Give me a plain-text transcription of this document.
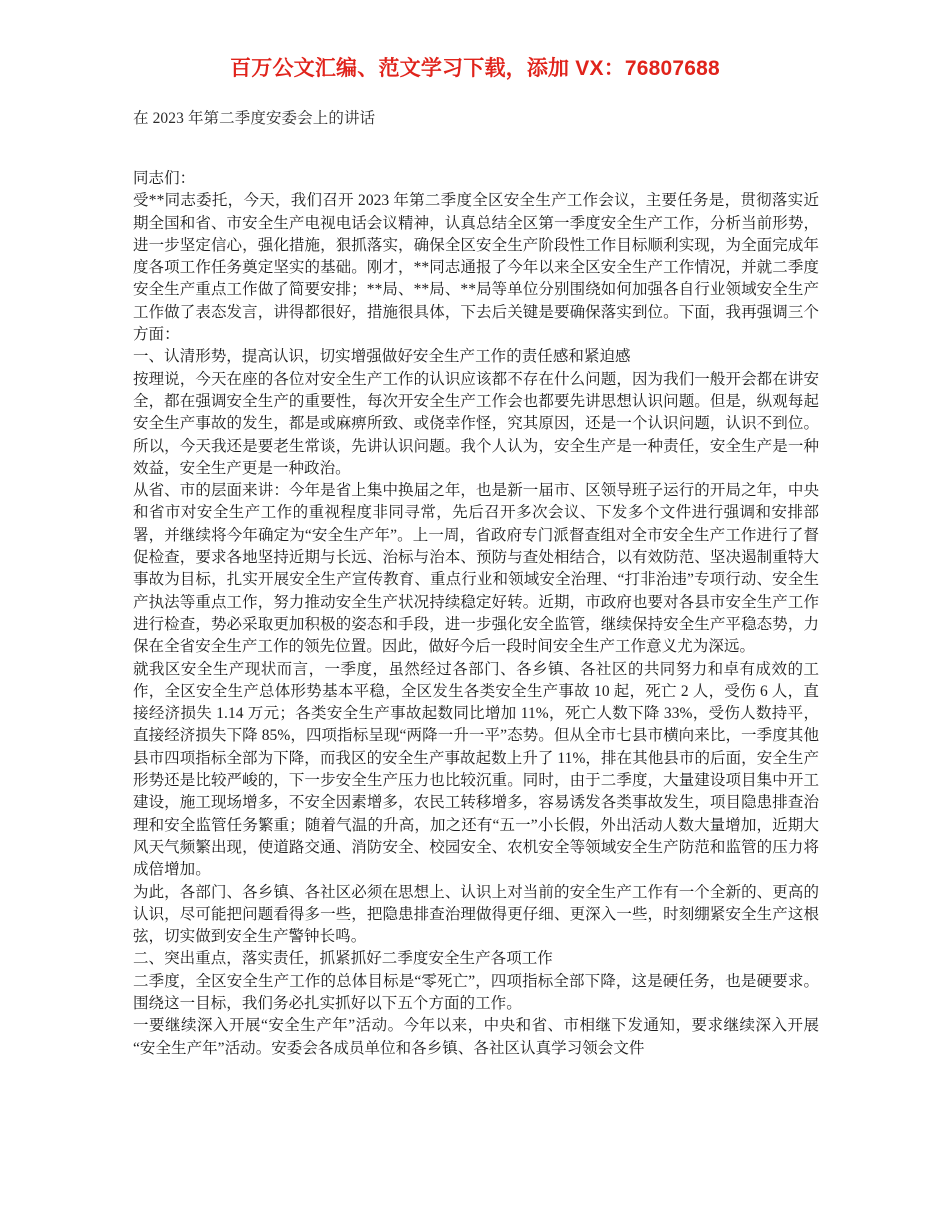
百万公文汇编、范文学习下载，添加 VX：76807688

在 2023 年第二季度安委会上的讲话

同志们：

受**同志委托，今天，我们召开 2023 年第二季度全区安全生产工作会议，主要任务是，贯彻落实近期全国和省、市安全生产电视电话会议精神，认真总结全区第一季度安全生产工作，分析当前形势，进一步坚定信心，强化措施，狠抓落实，确保全区安全生产阶段性工作目标顺利实现，为全面完成年度各项工作任务奠定坚实的基础。刚才，**同志通报了今年以来全区安全生产工作情况，并就二季度安全生产重点工作做了简要安排；**局、**局、**局等单位分别围绕如何加强各自行业领域安全生产工作做了表态发言，讲得都很好，措施很具体，下去后关键是要确保落实到位。下面，我再强调三个方面：

一、认清形势，提高认识，切实增强做好安全生产工作的责任感和紧迫感

按理说，今天在座的各位对安全生产工作的认识应该都不存在什么问题，因为我们一般开会都在讲安全，都在强调安全生产的重要性，每次开安全生产工作会也都要先讲思想认识问题。但是，纵观每起安全生产事故的发生，都是或麻痹所致、或侥幸作怪，究其原因，还是一个认识问题，认识不到位。所以，今天我还是要老生常谈，先讲认识问题。我个人认为，安全生产是一种责任，安全生产是一种效益，安全生产更是一种政治。

从省、市的层面来讲：今年是省上集中换届之年，也是新一届市、区领导班子运行的开局之年，中央和省市对安全生产工作的重视程度非同寻常，先后召开多次会议、下发多个文件进行强调和安排部署，并继续将今年确定为“安全生产年”。上一周，省政府专门派督查组对全市安全生产工作进行了督促检查，要求各地坚持近期与长远、治标与治本、预防与查处相结合，以有效防范、坚决遏制重特大事故为目标，扎实开展安全生产宣传教育、重点行业和领域安全治理、“打非治违”专项行动、安全生产执法等重点工作，努力推动安全生产状况持续稳定好转。近期，市政府也要对各县市安全生产工作进行检查，势必采取更加积极的姿态和手段，进一步强化安全监管，继续保持安全生产平稳态势，力保在全省安全生产工作的领先位置。因此，做好今后一段时间安全生产工作意义尤为深远。

就我区安全生产现状而言，一季度，虽然经过各部门、各乡镇、各社区的共同努力和卓有成效的工作，全区安全生产总体形势基本平稳，全区发生各类安全生产事故 10 起，死亡 2 人，受伤 6 人，直接经济损失 1.14 万元；各类安全生产事故起数同比增加 11%，死亡人数下降 33%，受伤人数持平，直接经济损失下降 85%，四项指标呈现“两降一升一平”态势。但从全市七县市横向来比，一季度其他县市四项指标全部为下降，而我区的安全生产事故起数上升了 11%，排在其他县市的后面，安全生产形势还是比较严峻的，下一步安全生产压力也比较沉重。同时，由于二季度，大量建设项目集中开工建设，施工现场增多，不安全因素增多，农民工转移增多，容易诱发各类事故发生，项目隐患排查治理和安全监管任务繁重；随着气温的升高，加之还有“五一”小长假，外出活动人数大量增加，近期大风天气频繁出现，使道路交通、消防安全、校园安全、农机安全等领域安全生产防范和监管的压力将成倍增加。

为此，各部门、各乡镇、各社区必须在思想上、认识上对当前的安全生产工作有一个全新的、更高的认识，尽可能把问题看得多一些，把隐患排查治理做得更仔细、更深入一些，时刻绷紧安全生产这根弦，切实做到安全生产警钟长鸣。

二、突出重点，落实责任，抓紧抓好二季度安全生产各项工作

二季度，全区安全生产工作的总体目标是“零死亡”，四项指标全部下降，这是硬任务，也是硬要求。围绕这一目标，我们务必扎实抓好以下五个方面的工作。

一要继续深入开展“安全生产年”活动。今年以来，中央和省、市相继下发通知，要求继续深入开展“安全生产年”活动。安委会各成员单位和各乡镇、各社区认真学习领会文件
